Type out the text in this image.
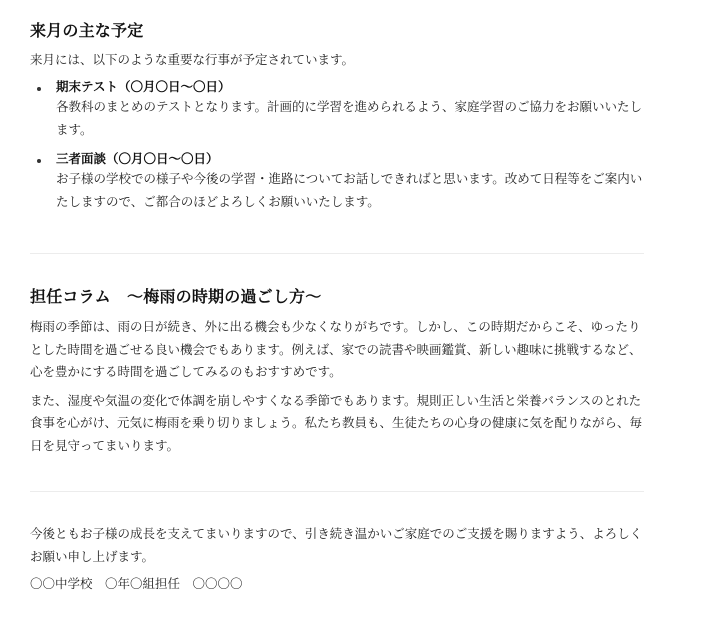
来月の主な予定

来月には、以下のような重要な行事が予定されています。

期末テスト（〇月〇日〜〇日）
各教科のまとめのテストとなります。計画的に学習を進められるよう、家庭学習のご協力をお願いいたします。
三者面談（〇月〇日〜〇日）
お子様の学校での様子や今後の学習・進路についてお話しできればと思います。改めて日程等をご案内いたしますので、ご都合のほどよろしくお願いいたします。
担任コラム　〜梅雨の時期の過ごし方〜

梅雨の季節は、雨の日が続き、外に出る機会も少なくなりがちです。しかし、この時期だからこそ、ゆったりとした時間を過ごせる良い機会でもあります。例えば、家での読書や映画鑑賞、新しい趣味に挑戦するなど、心を豊かにする時間を過ごしてみるのもおすすめです。

また、湿度や気温の変化で体調を崩しやすくなる季節でもあります。規則正しい生活と栄養バランスのとれた食事を心がけ、元気に梅雨を乗り切りましょう。私たち教員も、生徒たちの心身の健康に気を配りながら、毎日を見守ってまいります。

今後ともお子様の成長を支えてまいりますので、引き続き温かいご家庭でのご支援を賜りますよう、よろしくお願い申し上げます。

〇〇中学校　〇年〇組担任　〇〇〇〇
